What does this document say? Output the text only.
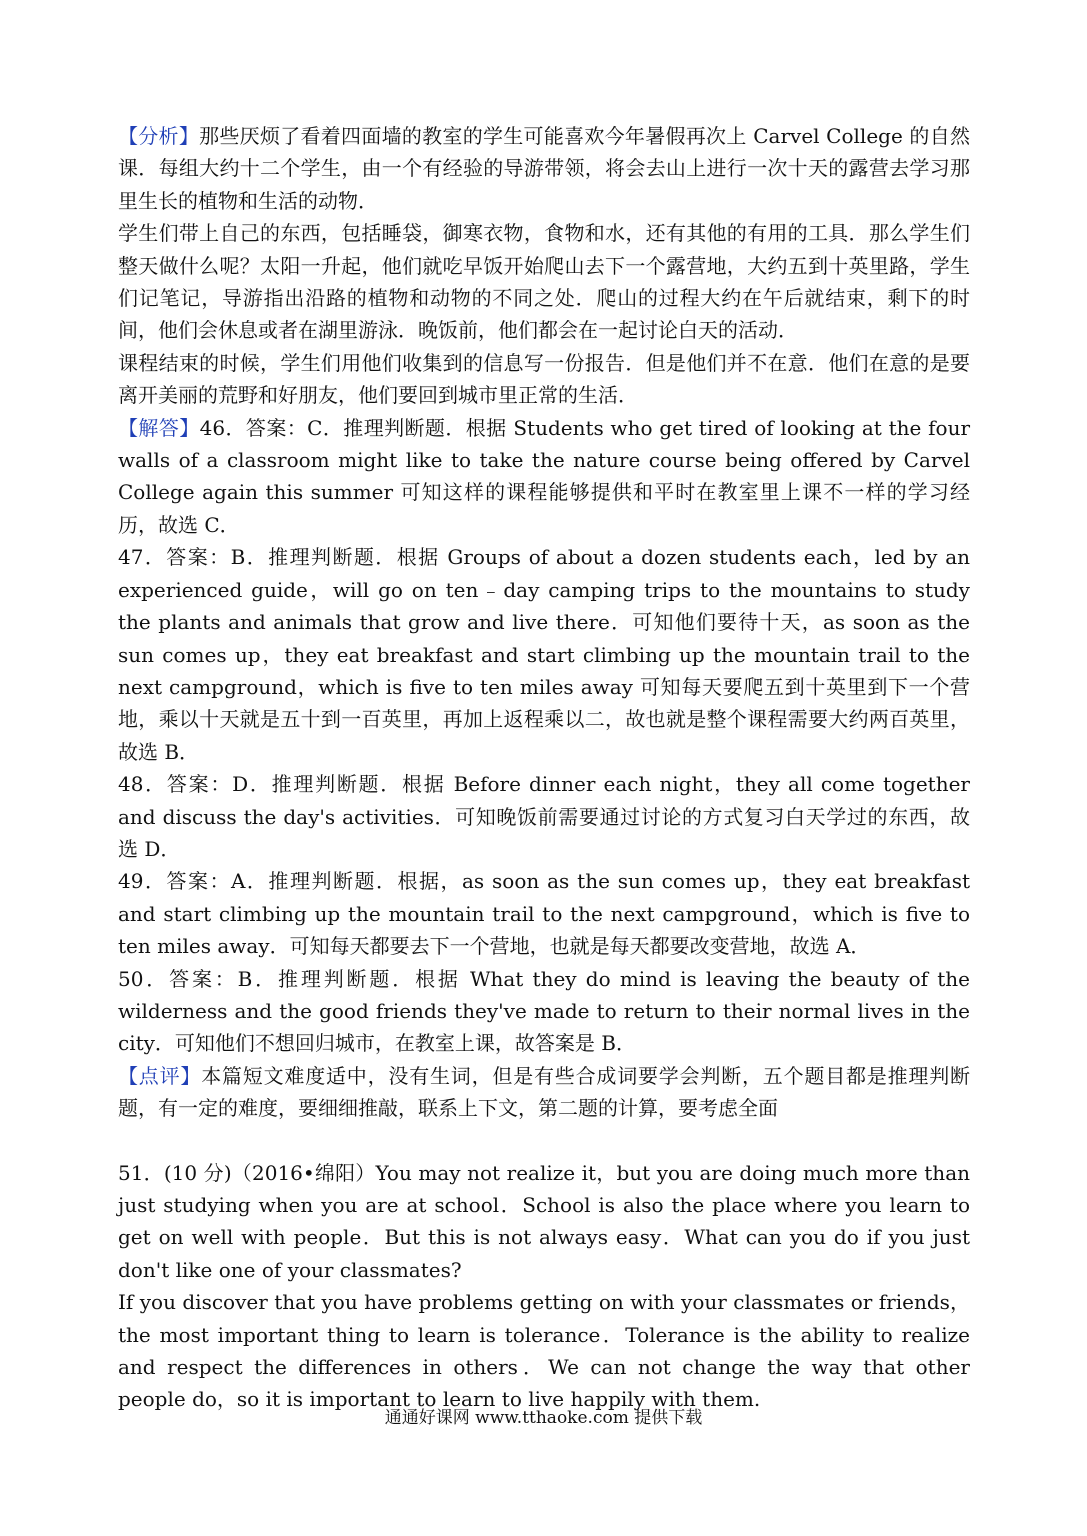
【分析】那些厌烦了看着四面墙的教室的学生可能喜欢今年暑假再次上 Carvel College 的自然课．每组大约十二个学生，由一个有经验的导游带领，将会去山上进行一次十天的露营去学习那里生长的植物和生活的动物．

学生们带上自己的东西，包括睡袋，御寒衣物，食物和水，还有其他的有用的工具．那么学生们整天做什么呢？太阳一升起，他们就吃早饭开始爬山去下一个露营地，大约五到十英里路，学生们记笔记，导游指出沿路的植物和动物的不同之处．爬山的过程大约在午后就结束，剩下的时间，他们会休息或者在湖里游泳．晚饭前，他们都会在一起讨论白天的活动．

课程结束的时候，学生们用他们收集到的信息写一份报告．但是他们并不在意．他们在意的是要离开美丽的荒野和好朋友，他们要回到城市里正常的生活．

【解答】46．答案：C．推理判断题．根据 Students who get tired of looking at the four walls of a classroom might like to take the nature course being offered by Carvel College again this summer 可知这样的课程能够提供和平时在教室里上课不一样的学习经历，故选 C．

47．答案：B．推理判断题．根据 Groups of about a dozen students each，led by an experienced guide，will go on ten﹣day camping trips to the mountains to study the plants and animals that grow and live there．可知他们要待十天，as soon as the sun comes up，they eat breakfast and start climbing up the mountain trail to the next campground，which is five to ten miles away 可知每天要爬五到十英里到下一个营地，乘以十天就是五十到一百英里，再加上返程乘以二，故也就是整个课程需要大约两百英里，故选 B．

48．答案：D．推理判断题．根据 Before dinner each night，they all come together and discuss the day's activities．可知晚饭前需要通过讨论的方式复习白天学过的东西，故选 D．

49．答案：A．推理判断题．根据，as soon as the sun comes up，they eat breakfast and start climbing up the mountain trail to the next campground，which is five to ten miles away．可知每天都要去下一个营地，也就是每天都要改变营地，故选 A．

50．答案：B．推理判断题．根据 What they do mind is leaving the beauty of the wilderness and the good friends they've made to return to their normal lives in the city．可知他们不想回归城市，在教室上课，故答案是 B．

【点评】本篇短文难度适中，没有生词，但是有些合成词要学会判断，五个题目都是推理判断题，有一定的难度，要细细推敲，联系上下文，第二题的计算，要考虑全面

51．(10 分)（2016•绵阳）You may not realize it，but you are doing much more than just studying when you are at school．School is also the place where you learn to get on well with people．But this is not always easy．What can you do if you just don't like one of your classmates?

If you discover that you have problems getting on with your classmates or friends，the most important thing to learn is tolerance．Tolerance is the ability to realize and respect the differences in others．We can not change the way that other people do，so it is important to learn to live happily with them.

通通好课网 www.tthaoke.com 提供下载
